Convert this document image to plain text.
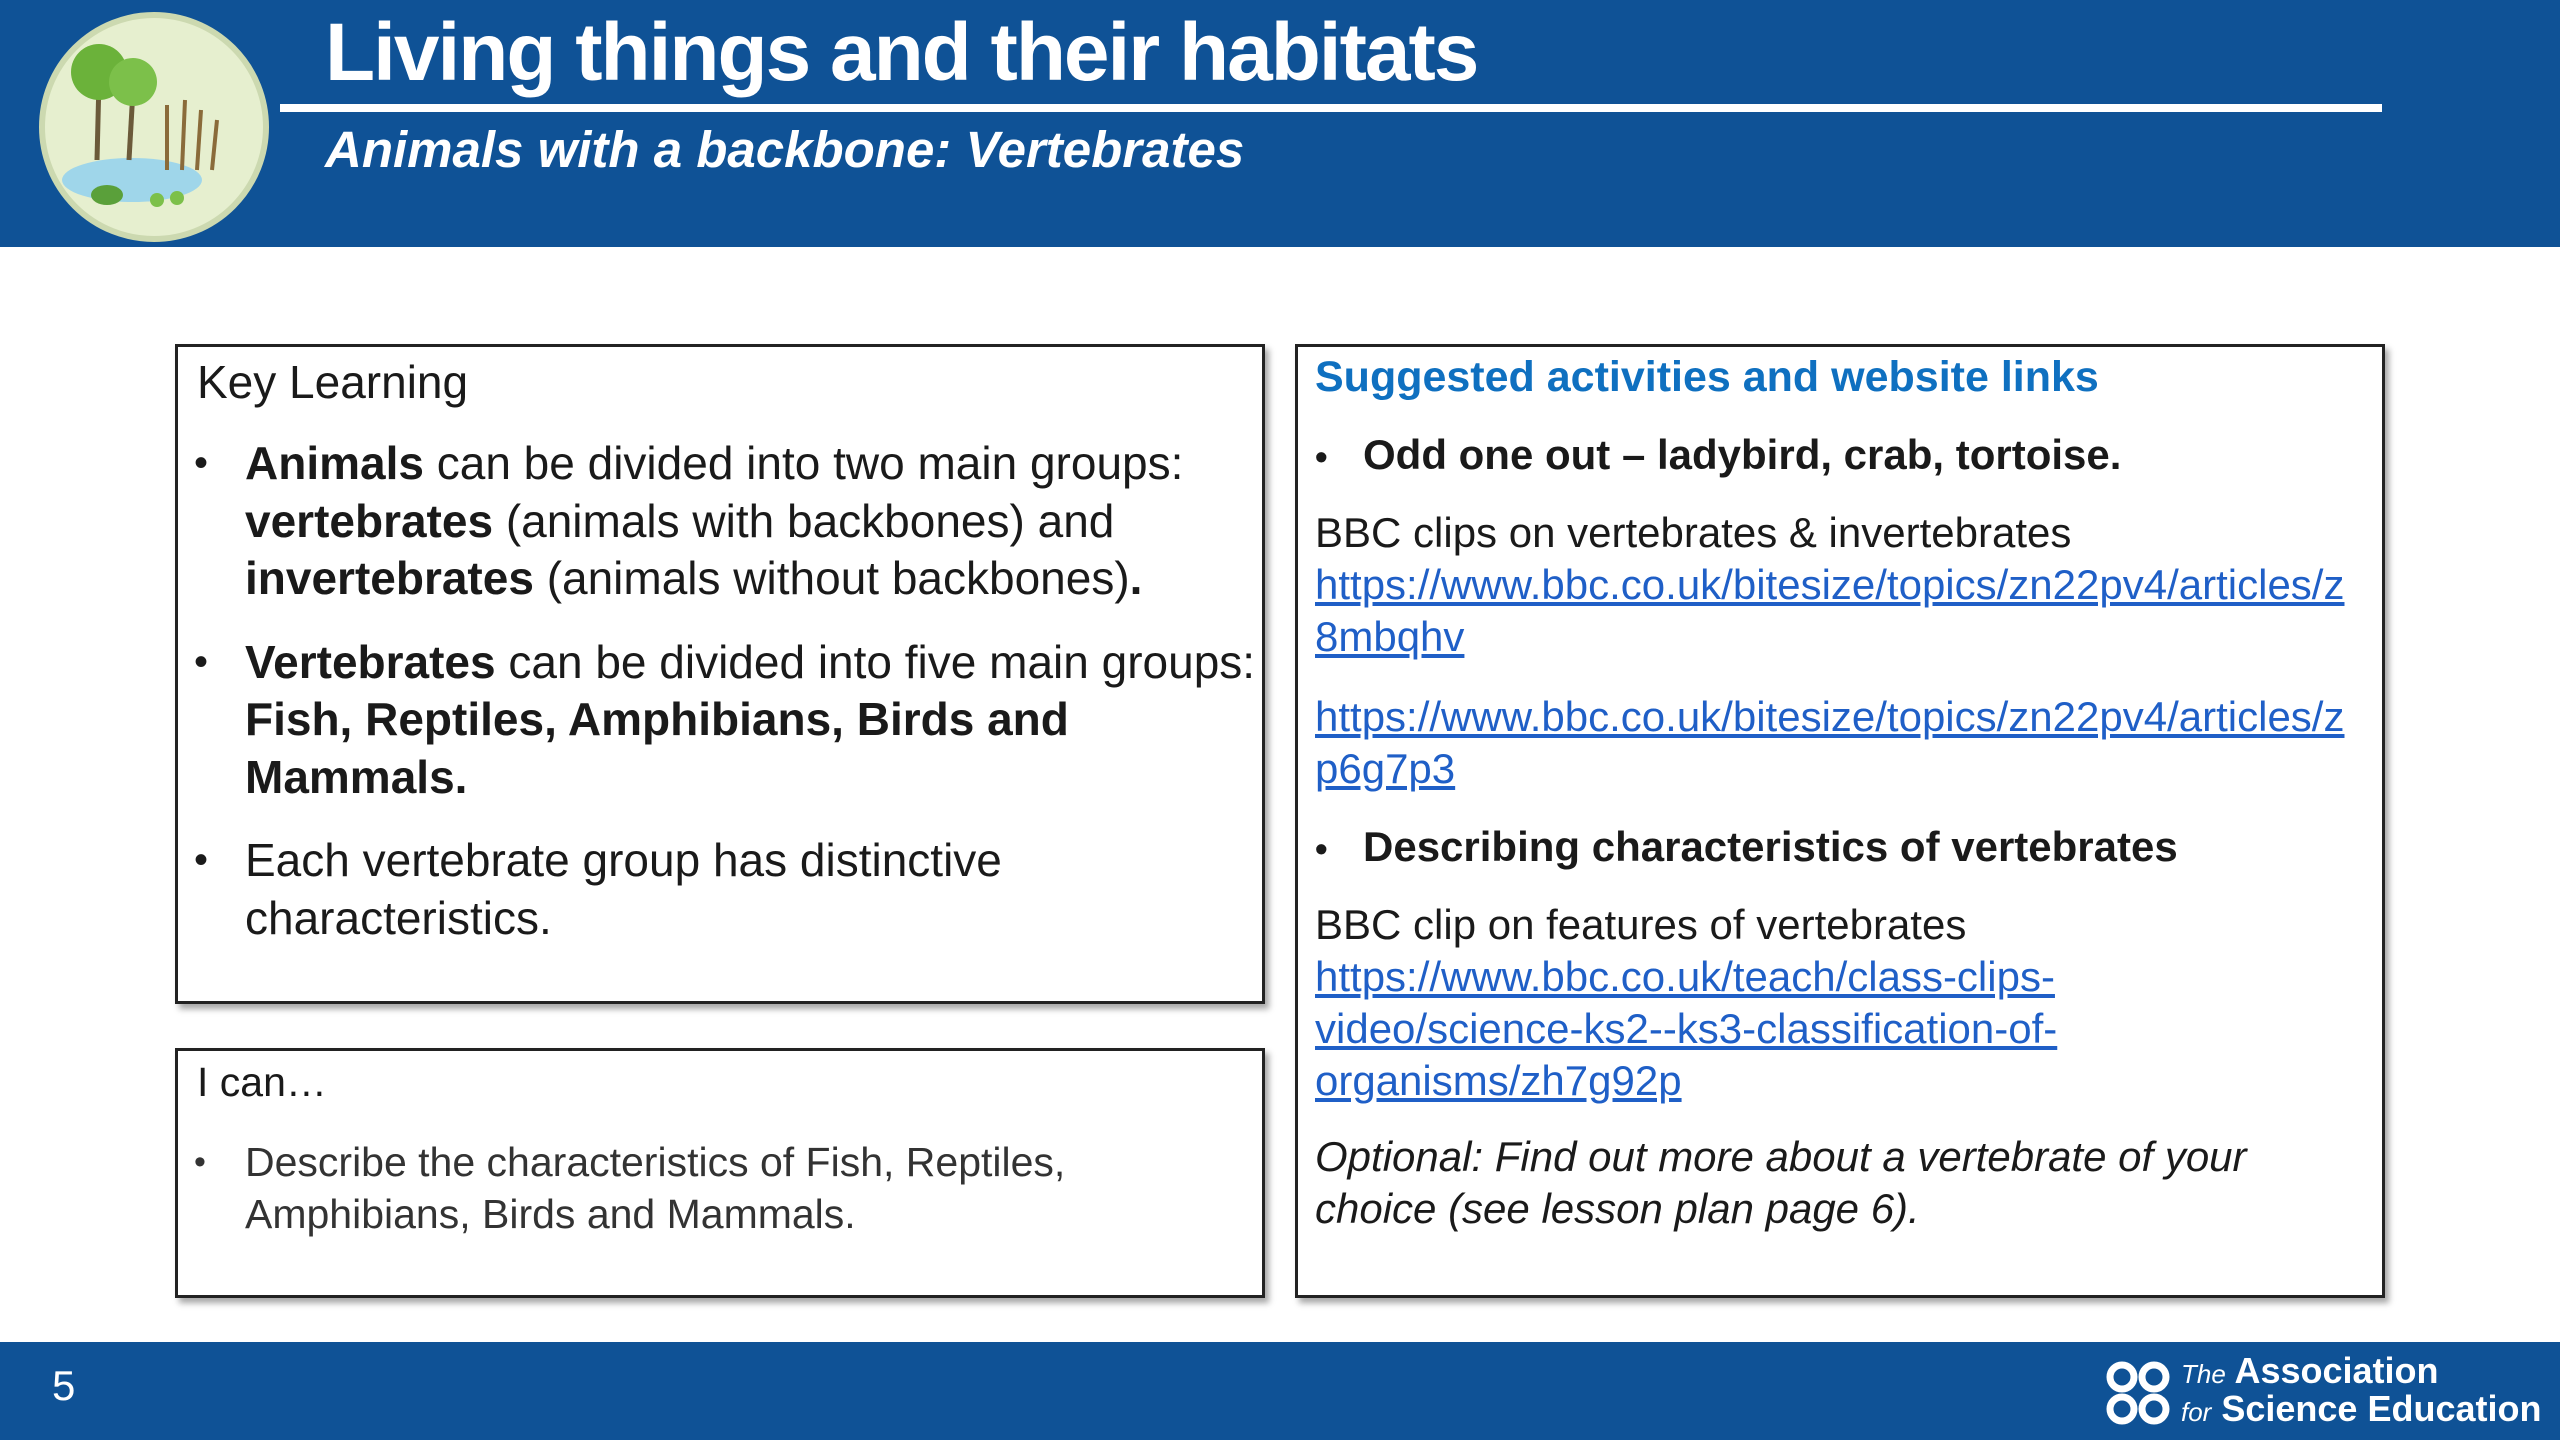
Living things and their habitats
Animals with a backbone: Vertebrates
Key Learning
• Animals can be divided into two main groups: vertebrates (animals with backbones) and invertebrates (animals without backbones).
• Vertebrates can be divided into five main groups: Fish, Reptiles, Amphibians, Birds and Mammals.
• Each vertebrate group has distinctive characteristics.
I can…
• Describe the characteristics of Fish, Reptiles, Amphibians, Birds and Mammals.
Suggested activities and website links
• Odd one out – ladybird, crab, tortoise.
BBC clips on vertebrates & invertebrates
https://www.bbc.co.uk/bitesize/topics/zn22pv4/articles/z8mbqhv
https://www.bbc.co.uk/bitesize/topics/zn22pv4/articles/zp6g7p3
• Describing characteristics of vertebrates
BBC clip on features of vertebrates
https://www.bbc.co.uk/teach/class-clips-video/science-ks2--ks3-classification-of-organisms/zh7g92p
Optional: Find out more about a vertebrate of your choice (see lesson plan page 6).
5	The Association
for Science Education
